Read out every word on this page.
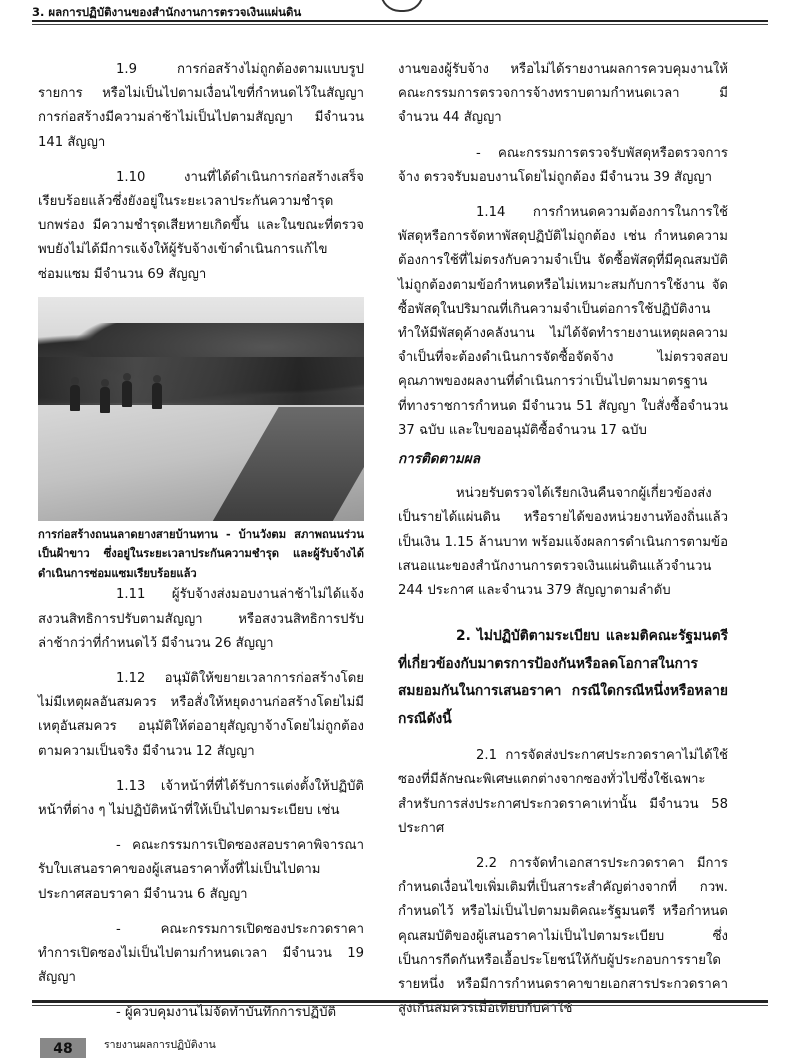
3. ผลการปฏิบัติงานของสำนักงานการตรวจเงินแผ่นดิน

1.9 การก่อสร้างไม่ถูกต้องตามแบบรูปรายการ หรือไม่เป็นไปตามเงื่อนไขที่กำหนดไว้ในสัญญา การก่อสร้างมีความล่าช้าไม่เป็นไปตามสัญญา มีจำนวน 141 สัญญา

1.10 งานที่ได้ดำเนินการก่อสร้างเสร็จเรียบร้อยแล้วซึ่งยังอยู่ในระยะเวลาประกันความชำรุดบกพร่อง มีความชำรุดเสียหายเกิดขึ้น และในขณะที่ตรวจพบยังไม่ได้มีการแจ้งให้ผู้รับจ้างเข้าดำเนินการแก้ไข ซ่อมแซม มีจำนวน 69 สัญญา

การก่อสร้างถนนลาดยางสายบ้านทาน - บ้านวังตม สภาพถนนร่วนเป็นฝ้าขาว ซึ่งอยู่ในระยะเวลาประกันความชำรุด และผู้รับจ้างได้ดำเนินการซ่อมแซมเรียบร้อยแล้ว

1.11 ผู้รับจ้างส่งมอบงานล่าช้าไม่ได้แจ้งสงวนสิทธิการปรับตามสัญญา หรือสงวนสิทธิการปรับล่าช้ากว่าที่กำหนดไว้ มีจำนวน 26 สัญญา

1.12 อนุมัติให้ขยายเวลาการก่อสร้างโดยไม่มีเหตุผลอันสมควร หรือสั่งให้หยุดงานก่อสร้างโดยไม่มีเหตุอันสมควร อนุมัติให้ต่ออายุสัญญาจ้างโดยไม่ถูกต้องตามความเป็นจริง มีจำนวน 12 สัญญา

1.13 เจ้าหน้าที่ที่ได้รับการแต่งตั้งให้ปฏิบัติหน้าที่ต่าง ๆ ไม่ปฏิบัติหน้าที่ให้เป็นไปตามระเบียบ เช่น

- คณะกรรมการเปิดซองสอบราคาพิจารณารับใบเสนอราคาของผู้เสนอราคาทั้งที่ไม่เป็นไปตามประกาศสอบราคา มีจำนวน 6 สัญญา

- คณะกรรมการเปิดซองประกวดราคาทำการเปิดซองไม่เป็นไปตามกำหนดเวลา มีจำนวน 19 สัญญา

- ผู้ควบคุมงานไม่จัดทำบันทึกการปฏิบัติ

งานของผู้รับจ้าง หรือไม่ได้รายงานผลการควบคุมงานให้คณะกรรมการตรวจการจ้างทราบตามกำหนดเวลา มีจำนวน 44 สัญญา

- คณะกรรมการตรวจรับพัสดุหรือตรวจการจ้าง ตรวจรับมอบงานโดยไม่ถูกต้อง มีจำนวน 39 สัญญา

1.14 การกำหนดความต้องการในการใช้พัสดุหรือการจัดหาพัสดุปฏิบัติไม่ถูกต้อง เช่น กำหนดความต้องการใช้ที่ไม่ตรงกับความจำเป็น จัดซื้อพัสดุที่มีคุณสมบัติไม่ถูกต้องตามข้อกำหนดหรือไม่เหมาะสมกับการใช้งาน จัดซื้อพัสดุในปริมาณที่เกินความจำเป็นต่อการใช้ปฏิบัติงาน ทำให้มีพัสดุค้างคลังนาน ไม่ได้จัดทำรายงานเหตุผลความจำเป็นที่จะต้องดำเนินการจัดซื้อจัดจ้าง ไม่ตรวจสอบคุณภาพของผลงานที่ดำเนินการว่าเป็นไปตามมาตรฐานที่ทางราชการกำหนด มีจำนวน 51 สัญญา ใบสั่งซื้อจำนวน 37 ฉบับ และใบขออนุมัติซื้อจำนวน 17 ฉบับ

การติดตามผล

หน่วยรับตรวจได้เรียกเงินคืนจากผู้เกี่ยวข้องส่งเป็นรายได้แผ่นดิน หรือรายได้ของหน่วยงานท้องถิ่นแล้ว เป็นเงิน 1.15 ล้านบาท พร้อมแจ้งผลการดำเนินการตามข้อเสนอแนะของสำนักงานการตรวจเงินแผ่นดินแล้วจำนวน 244 ประกาศ และจำนวน 379 สัญญาตามลำดับ

2. ไม่ปฏิบัติตามระเบียบ และมติคณะรัฐมนตรีที่เกี่ยวข้องกับมาตรการป้องกันหรือลดโอกาสในการสมยอมกันในการเสนอราคา กรณีใดกรณีหนึ่งหรือหลายกรณีดังนี้

2.1 การจัดส่งประกาศประกวดราคาไม่ได้ใช้ซองที่มีลักษณะพิเศษแตกต่างจากซองทั่วไปซึ่งใช้เฉพาะสำหรับการส่งประกาศประกวดราคาเท่านั้น มีจำนวน 58 ประกาศ

2.2 การจัดทำเอกสารประกวดราคา มีการกำหนดเงื่อนไขเพิ่มเติมที่เป็นสาระสำคัญต่างจากที่ กวพ. กำหนดไว้ หรือไม่เป็นไปตามมติคณะรัฐมนตรี หรือกำหนดคุณสมบัติของผู้เสนอราคาไม่เป็นไปตามระเบียบ ซึ่งเป็นการกีดกันหรือเอื้อประโยชน์ให้กับผู้ประกอบการรายใดรายหนึ่ง หรือมีการกำหนดราคาขายเอกสารประกวดราคาสูงเกินสมควรเมื่อเทียบกับค่าใช้

48	รายงานผลการปฏิบัติงาน
